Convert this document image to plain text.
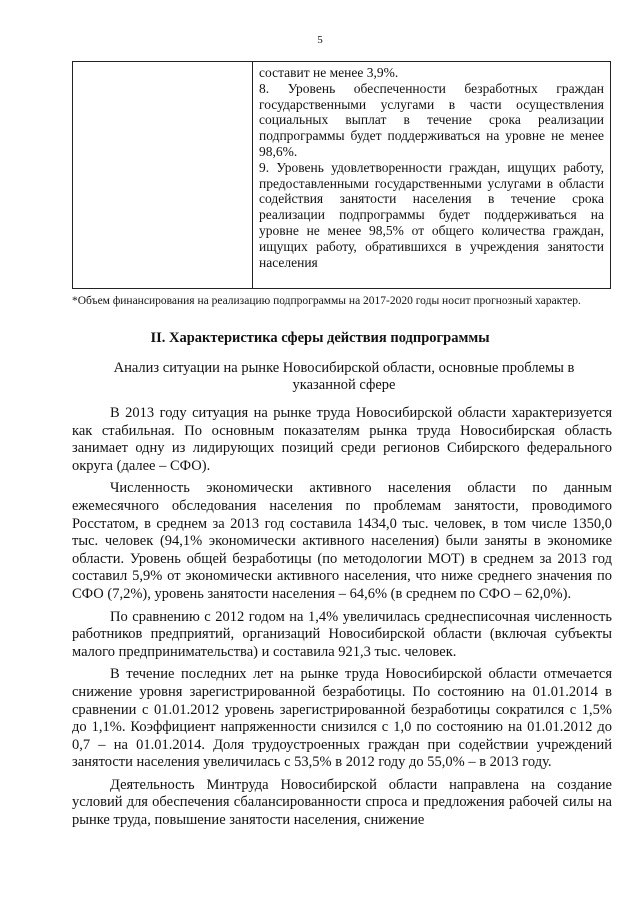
5

составит не менее 3,9%.

8. Уровень обеспеченности безработных граждан государственными услугами в части осуществления социальных выплат в течение срока реализации подпрограммы будет поддерживаться на уровне не менее 98,6%.

9. Уровень удовлетворенности граждан, ищущих работу, предоставленными государственными услугами в области содействия занятости населения в течение срока реализации подпрограммы будет поддерживаться на уровне не менее 98,5% от общего количества граждан, ищущих работу, обратившихся в учреждения занятости населения

*Объем финансирования на реализацию подпрограммы на 2017-2020 годы носит прогнозный характер.
II. Характеристика сферы действия подпрограммы
Анализ ситуации на рынке Новосибирской области, основные проблемы в указанной сфере

В 2013 году ситуация на рынке труда Новосибирской области характеризуется как стабильная. По основным показателям рынка труда Новосибирская область занимает одну из лидирующих позиций среди регионов Сибирского федерального округа (далее – СФО).

Численность экономически активного населения области по данным ежемесячного обследования населения по проблемам занятости, проводимого Росстатом, в среднем за 2013 год составила 1434,0 тыс. человек, в том числе 1350,0 тыс. человек (94,1% экономически активного населения) были заняты в экономике области. Уровень общей безработицы (по методологии МОТ) в среднем за 2013 год составил 5,9% от экономически активного населения, что ниже среднего значения по СФО (7,2%), уровень занятости населения – 64,6% (в среднем по СФО – 62,0%).

По сравнению с 2012 годом на 1,4% увеличилась среднесписочная численность работников предприятий, организаций Новосибирской области (включая субъекты малого предпринимательства) и составила 921,3 тыс. человек.

В течение последних лет на рынке труда Новосибирской области отмечается снижение уровня зарегистрированной безработицы. По состоянию на 01.01.2014 в сравнении с 01.01.2012 уровень зарегистрированной безработицы сократился с 1,5% до 1,1%. Коэффициент напряженности снизился с 1,0 по состоянию на 01.01.2012 до 0,7 – на 01.01.2014. Доля трудоустроенных граждан при содействии учреждений занятости населения увеличилась с 53,5% в 2012 году до 55,0% – в 2013 году.

Деятельность Минтруда Новосибирской области направлена на создание условий для обеспечения сбалансированности спроса и предложения рабочей силы на рынке труда, повышение занятости населения, снижение
